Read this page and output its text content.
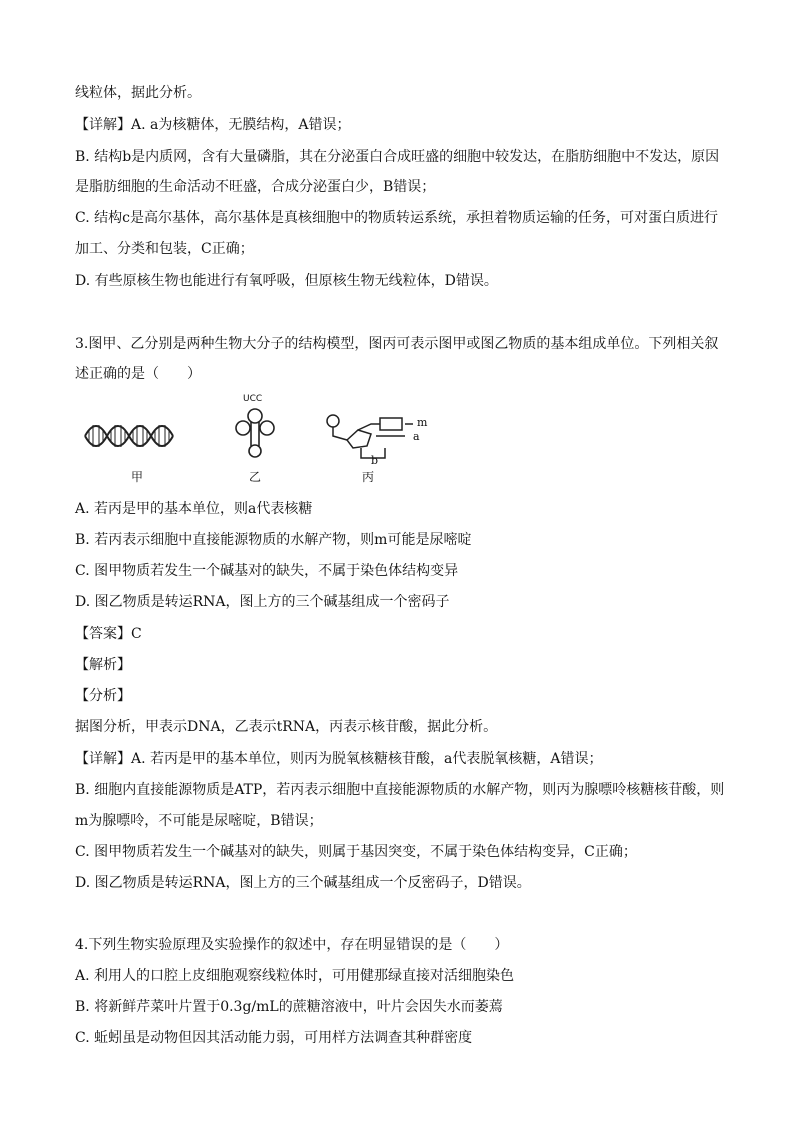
线粒体，据此分析。
【详解】A. a为核糖体，无膜结构，A错误；
B. 结构b是内质网，含有大量磷脂，其在分泌蛋白合成旺盛的细胞中较发达，在脂肪细胞中不发达，原因
是脂肪细胞的生命活动不旺盛，合成分泌蛋白少，B错误；
C. 结构c是高尔基体，高尔基体是真核细胞中的物质转运系统，承担着物质运输的任务，可对蛋白质进行
加工、分类和包装，C正确；
D. 有些原核生物也能进行有氧呼吸，但原核生物无线粒体，D错误。
3.图甲、乙分别是两种生物大分子的结构模型，图丙可表示图甲或图乙物质的基本组成单位。下列相关叙
述正确的是（　　）
甲	乙	丙
UCC
m
a
b
A. 若丙是甲的基本单位，则a代表核糖
B. 若丙表示细胞中直接能源物质的水解产物，则m可能是尿嘧啶
C. 图甲物质若发生一个碱基对的缺失，不属于染色体结构变异
D. 图乙物质是转运RNA，图上方的三个碱基组成一个密码子
【答案】C
【解析】
【分析】
据图分析，甲表示DNA，乙表示tRNA，丙表示核苷酸，据此分析。
【详解】A. 若丙是甲的基本单位，则丙为脱氧核糖核苷酸，a代表脱氧核糖，A错误；
B. 细胞内直接能源物质是ATP，若丙表示细胞中直接能源物质的水解产物，则丙为腺嘌呤核糖核苷酸，则
m为腺嘌呤，不可能是尿嘧啶，B错误；
C. 图甲物质若发生一个碱基对的缺失，则属于基因突变，不属于染色体结构变异，C正确；
D. 图乙物质是转运RNA，图上方的三个碱基组成一个反密码子，D错误。
4.下列生物实验原理及实验操作的叙述中，存在明显错误的是（　　）
A. 利用人的口腔上皮细胞观察线粒体时，可用健那绿直接对活细胞染色
B. 将新鲜芹菜叶片置于0.3g/mL的蔗糖溶液中，叶片会因失水而萎蔫
C. 蚯蚓虽是动物但因其活动能力弱，可用样方法调查其种群密度
